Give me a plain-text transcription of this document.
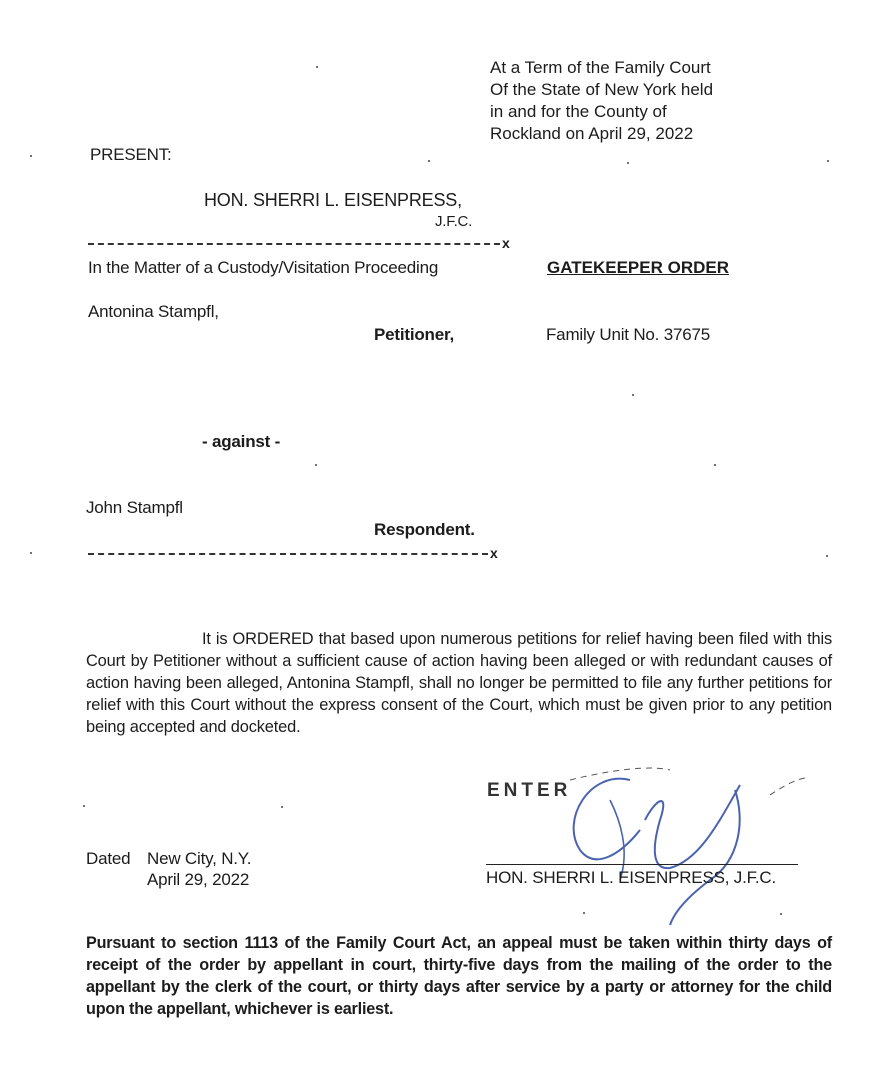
At a Term of the Family Court
Of the State of New York held
in and for the County of
Rockland on April 29, 2022
PRESENT:
HON. SHERRI L. EISENPRESS,
J.F.C.
x
In the Matter of a Custody/Visitation Proceeding	GATEKEEPER ORDER
Antonina Stampfl,
Petitioner,	Family Unit No. 37675
- against -
John Stampfl
Respondent.
x
It is ORDERED that based upon numerous petitions for relief having been filed with this Court by Petitioner without a sufficient cause of action having been alleged or with redundant causes of action having been alleged, Antonina Stampfl, shall no longer be permitted to file any further petitions for relief with this Court without the express consent of the Court, which must be given prior to any petition being accepted and docketed.
ENTER
HON. SHERRI L. EISENPRESS, J.F.C.
Dated New City, N.Y.
April 29, 2022
Pursuant to section 1113 of the Family Court Act, an appeal must be taken within thirty days of receipt of the order by appellant in court, thirty-five days from the mailing of the order to the appellant by the clerk of the court, or thirty days after service by a party or attorney for the child upon the appellant, whichever is earliest.
